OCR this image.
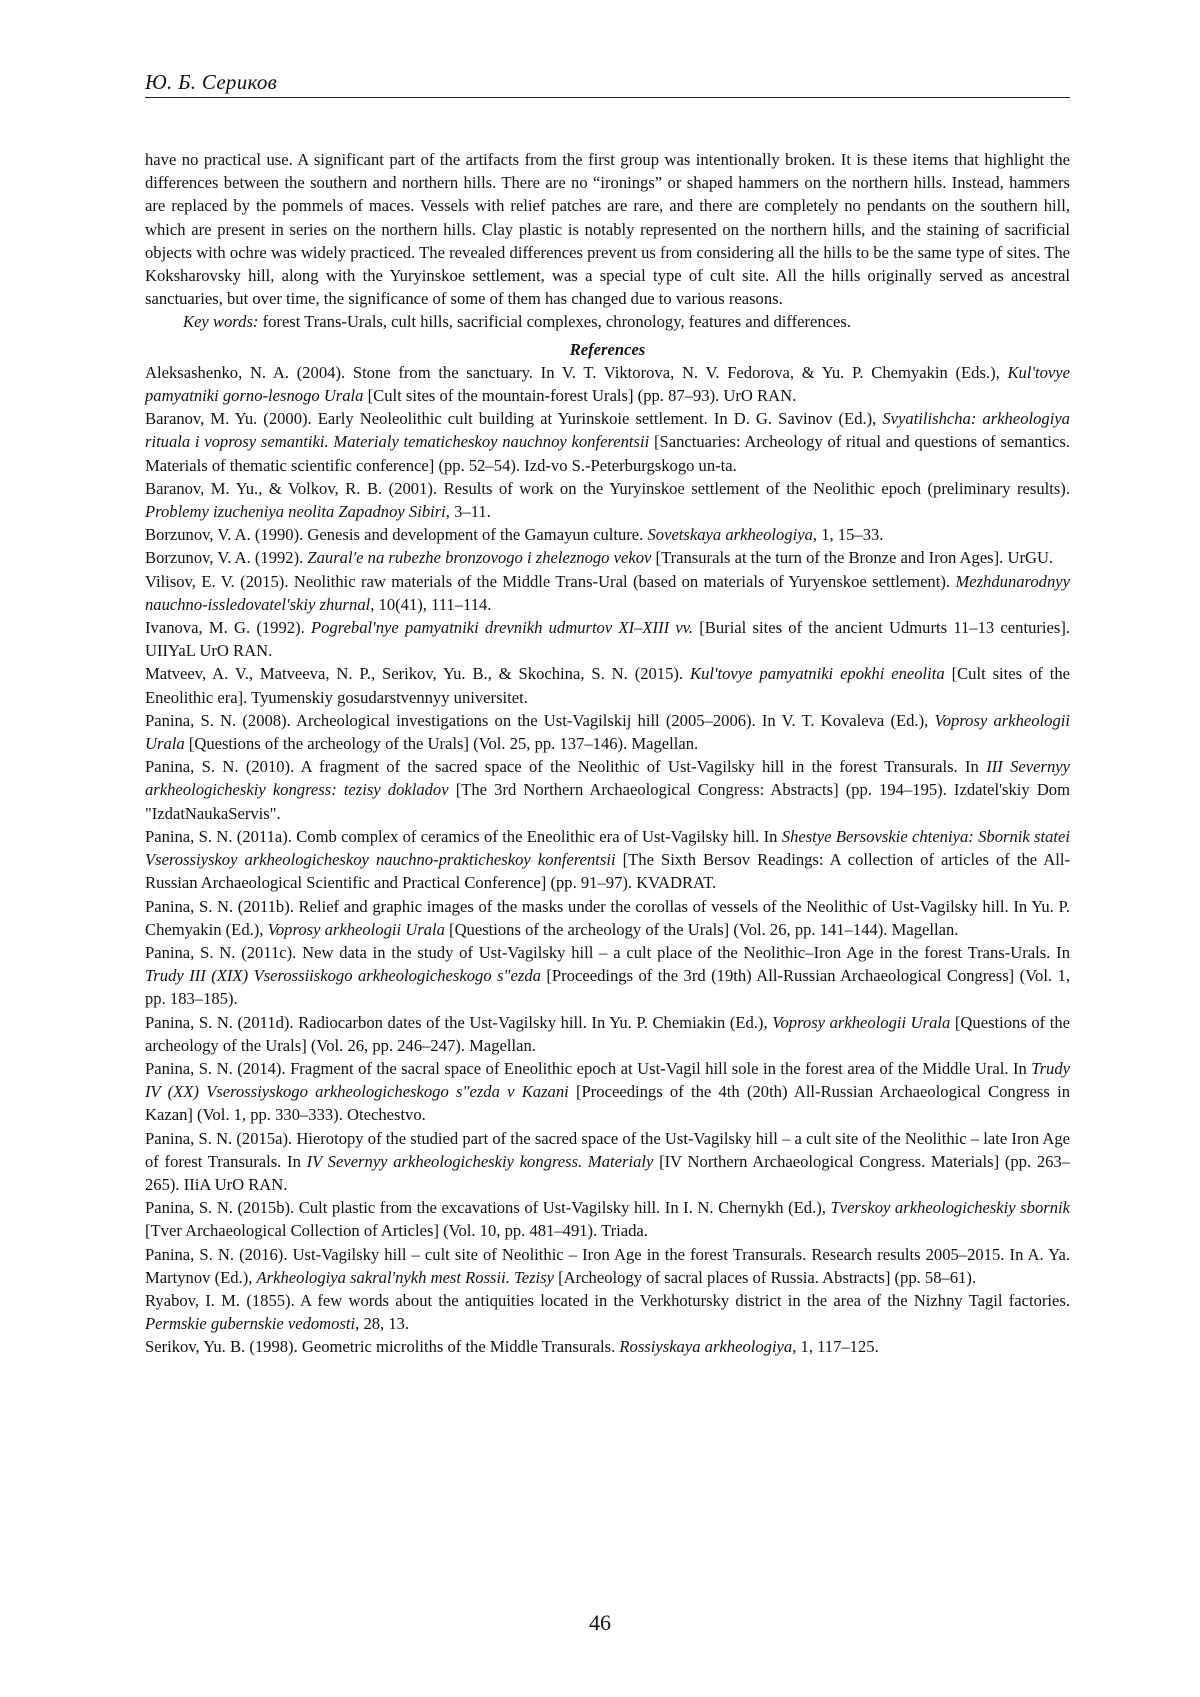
Ю. Б. Сериков

have no practical use. A significant part of the artifacts from the first group was intentionally broken. It is these items that highlight the differences between the southern and northern hills. There are no “ironings” or shaped hammers on the northern hills. Instead, hammers are replaced by the pommels of maces. Vessels with relief patches are rare, and there are completely no pendants on the southern hill, which are present in series on the northern hills. Clay plastic is notably represented on the northern hills, and the staining of sacrificial objects with ochre was widely practiced. The revealed differences prevent us from considering all the hills to be the same type of sites. The Koksharovsky hill, along with the Yuryinskoe settlement, was a special type of cult site. All the hills originally served as ancestral sanctuaries, but over time, the significance of some of them has changed due to various reasons.

Key words: forest Trans-Urals, cult hills, sacrificial complexes, chronology, features and differences.

References
Aleksashenko, N. A. (2004). Stone from the sanctuary. In V. T. Viktorova, N. V. Fedorova, & Yu. P. Chemyakin (Eds.), Kul'tovye pamyatniki gorno-lesnogo Urala [Cult sites of the mountain-forest Urals] (pp. 87–93). UrO RAN.
Baranov, M. Yu. (2000). Early Neoleolithic cult building at Yurinskoie settlement. In D. G. Savinov (Ed.), Svyatilishcha: arkheologiya rituala i voprosy semantiki. Materialy tematicheskoy nauchnoy konferentsii [Sanctuaries: Archeology of ritual and questions of semantics. Materials of thematic scientific conference] (pp. 52–54). Izd-vo S.-Peterburgskogo un-ta.
Baranov, M. Yu., & Volkov, R. B. (2001). Results of work on the Yuryinskoe settlement of the Neolithic epoch (preliminary results). Problemy izucheniya neolita Zapadnoy Sibiri, 3–11.
Borzunov, V. A. (1990). Genesis and development of the Gamayun culture. Sovetskaya arkheologiya, 1, 15–33.
Borzunov, V. A. (1992). Zaural'e na rubezhe bronzovogo i zheleznogo vekov [Transurals at the turn of the Bronze and Iron Ages]. UrGU.
Vilisov, E. V. (2015). Neolithic raw materials of the Middle Trans-Ural (based on materials of Yuryenskoe settlement). Mezhdunarodnyy nauchno-issledovatel'skiy zhurnal, 10(41), 111–114.
Ivanova, M. G. (1992). Pogrebal'nye pamyatniki drevnikh udmurtov XI–XIII vv. [Burial sites of the ancient Udmurts 11–13 centuries]. UIIYaL UrO RAN.
Matveev, A. V., Matveeva, N. P., Serikov, Yu. B., & Skochina, S. N. (2015). Kul'tovye pamyatniki epokhi eneolita [Cult sites of the Eneolithic era]. Tyumenskiy gosudarstvennyy universitet.
Panina, S. N. (2008). Archeological investigations on the Ust-Vagilskij hill (2005–2006). In V. T. Kovaleva (Ed.), Voprosy arkheologii Urala [Questions of the archeology of the Urals] (Vol. 25, pp. 137–146). Magellan.
Panina, S. N. (2010). A fragment of the sacred space of the Neolithic of Ust-Vagilsky hill in the forest Transurals. In III Severnyy arkheologicheskiy kongress: tezisy dokladov [The 3rd Northern Archaeological Congress: Abstracts] (pp. 194–195). Izdatel'skiy Dom "IzdatNaukaServis".
Panina, S. N. (2011a). Comb complex of ceramics of the Eneolithic era of Ust-Vagilsky hill. In Shestye Bersovskie chteniya: Sbornik statei Vserossiyskoy arkheologicheskoy nauchno-prakticheskoy konferentsii [The Sixth Bersov Readings: A collection of articles of the All-Russian Archaeological Scientific and Practical Conference] (pp. 91–97). KVADRAT.
Panina, S. N. (2011b). Relief and graphic images of the masks under the corollas of vessels of the Neolithic of Ust-Vagilsky hill. In Yu. P. Chemyakin (Ed.), Voprosy arkheologii Urala [Questions of the archeology of the Urals] (Vol. 26, pp. 141–144). Magellan.
Panina, S. N. (2011c). New data in the study of Ust-Vagilsky hill – a cult place of the Neolithic–Iron Age in the forest Trans-Urals. In Trudy III (XIX) Vserossiiskogo arkheologicheskogo s"ezda [Proceedings of the 3rd (19th) All-Russian Archaeological Congress] (Vol. 1, pp. 183–185).
Panina, S. N. (2011d). Radiocarbon dates of the Ust-Vagilsky hill. In Yu. P. Chemiakin (Ed.), Voprosy arkheologii Urala [Questions of the archeology of the Urals] (Vol. 26, pp. 246–247). Magellan.
Panina, S. N. (2014). Fragment of the sacral space of Eneolithic epoch at Ust-Vagil hill sole in the forest area of the Middle Ural. In Trudy IV (XX) Vserossiyskogo arkheologicheskogo s"ezda v Kazani [Proceedings of the 4th (20th) All-Russian Archaeological Congress in Kazan] (Vol. 1, pp. 330–333). Otechestvo.
Panina, S. N. (2015a). Hierotopy of the studied part of the sacred space of the Ust-Vagilsky hill – a cult site of the Neolithic – late Iron Age of forest Transurals. In IV Severnyy arkheologicheskiy kongress. Materialy [IV Northern Archaeological Congress. Materials] (pp. 263–265). IIiA UrO RAN.
Panina, S. N. (2015b). Cult plastic from the excavations of Ust-Vagilsky hill. In I. N. Chernykh (Ed.), Tverskoy arkheologicheskiy sbornik [Tver Archaeological Collection of Articles] (Vol. 10, pp. 481–491). Triada.
Panina, S. N. (2016). Ust-Vagilsky hill – cult site of Neolithic – Iron Age in the forest Transurals. Research results 2005–2015. In A. Ya. Martynov (Ed.), Arkheologiya sakral'nykh mest Rossii. Tezisy [Archeology of sacral places of Russia. Abstracts] (pp. 58–61).
Ryabov, I. M. (1855). A few words about the antiquities located in the Verkhotursky district in the area of the Nizhny Tagil factories. Permskie gubernskie vedomosti, 28, 13.
Serikov, Yu. B. (1998). Geometric microliths of the Middle Transurals. Rossiyskaya arkheologiya, 1, 117–125.
46
